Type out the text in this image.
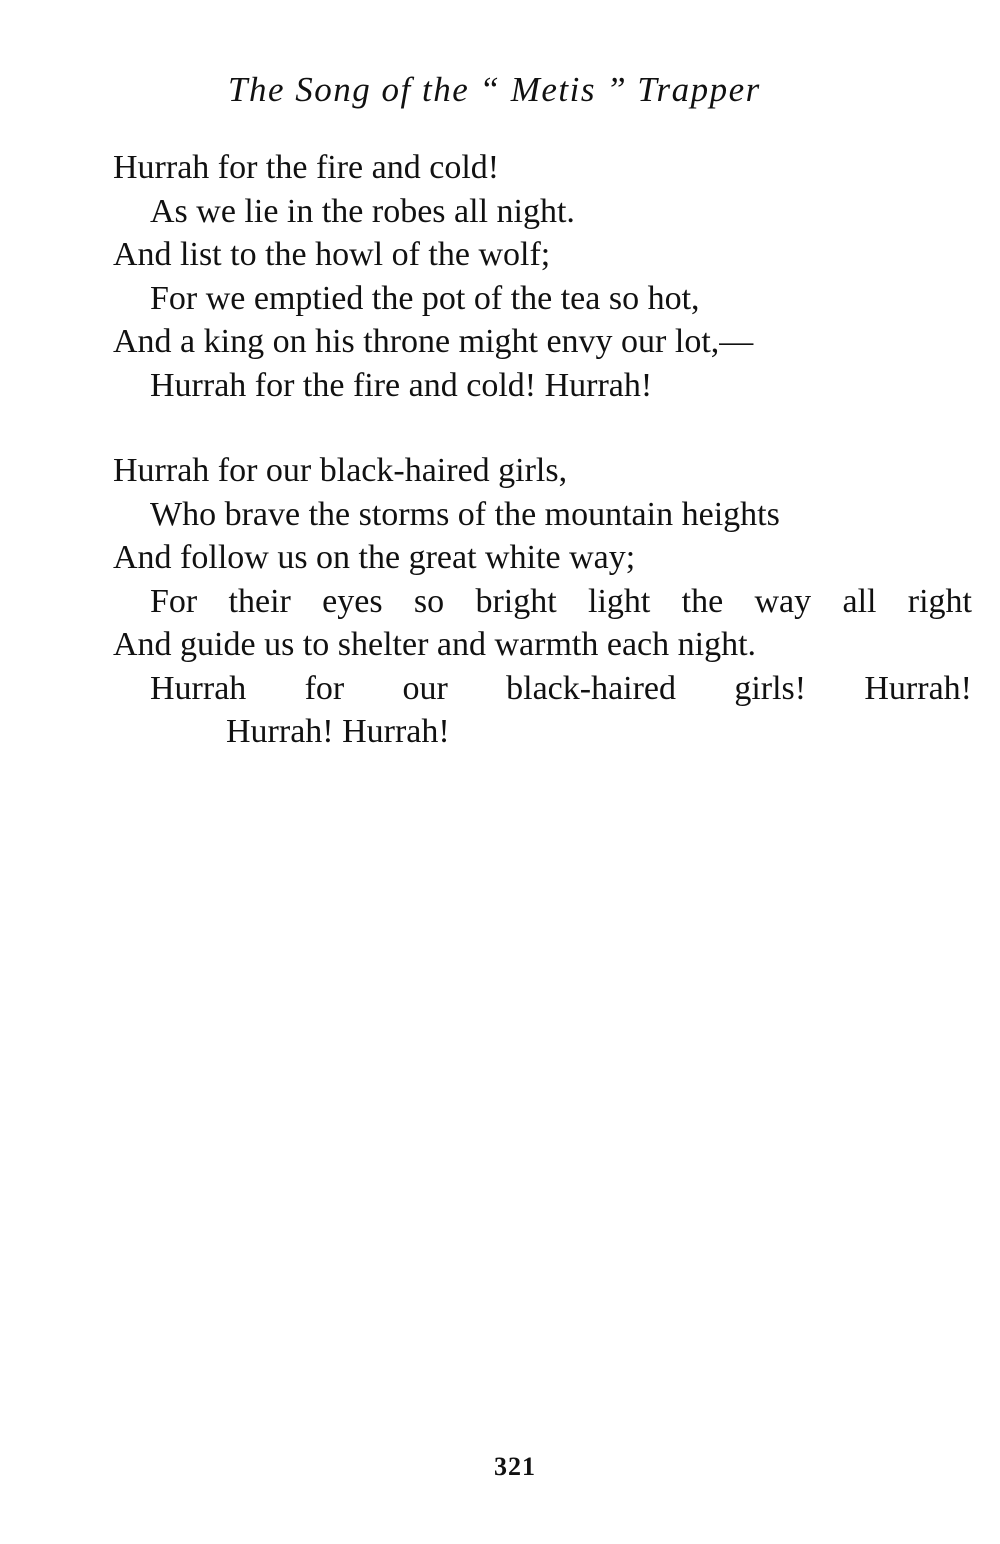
The Song of the “ Metis ” Trapper
Hurrah for the fire and cold!
As we lie in the robes all night.
And list to the howl of the wolf;
For we emptied the pot of the tea so hot,
And a king on his throne might envy our lot,—
Hurrah for the fire and cold! Hurrah!
Hurrah for our black-haired girls,
Who brave the storms of the mountain heights
And follow us on the great white way;
For their eyes so bright light the way all right
And guide us to shelter and warmth each night.
Hurrah for our black-haired girls! Hurrah!
Hurrah! Hurrah!
321
